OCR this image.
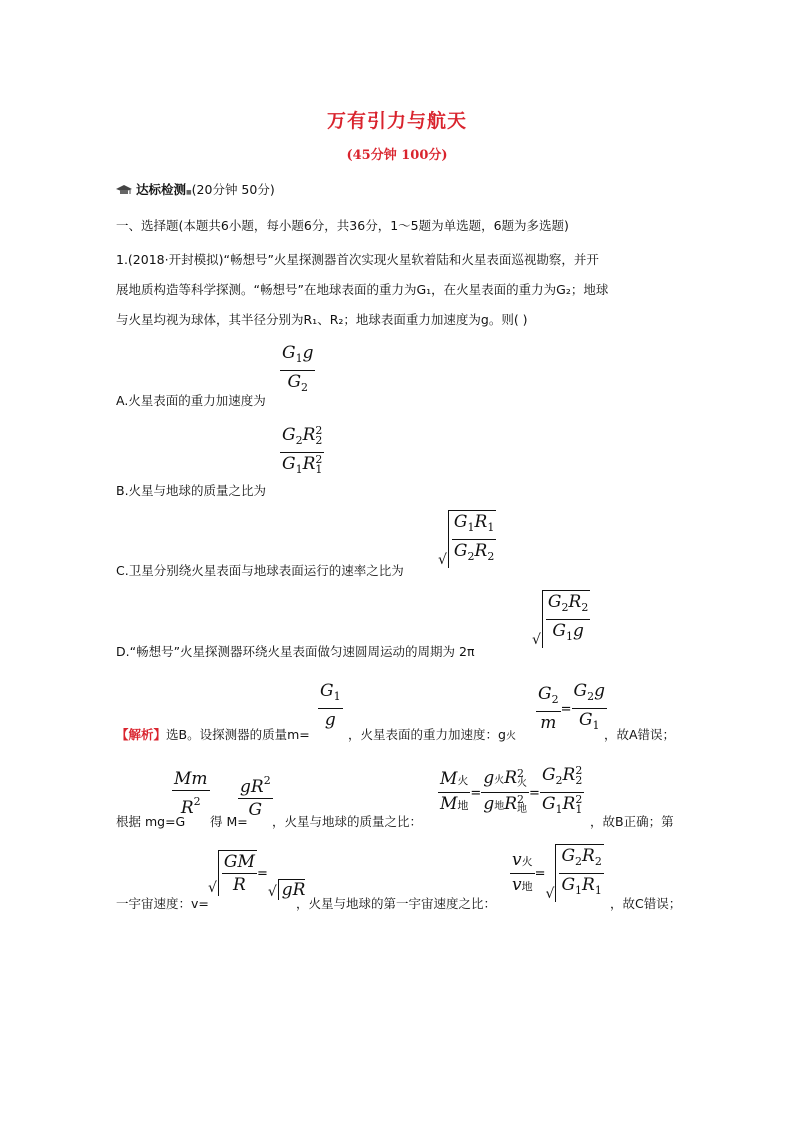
万有引力与航天
(45分钟 100分)
达标检测■(20分钟 50分)
一、选择题(本题共6小题，每小题6分，共36分，1～5题为单选题，6题为多选题)
1.(2018·开封模拟)“畅想号”火星探测器首次实现火星软着陆和火星表面巡视勘察，并开
展地质构造等科学探测。“畅想号”在地球表面的重力为G₁，在火星表面的重力为G₂；地球
与火星均视为球体，其半径分别为R₁、R₂；地球表面重力加速度为g。则( )
A.火星表面的重力加速度为
$\frac{G_1g}{G_2}$
B.火星与地球的质量之比为
$G_2R$ 2
2
$G_1R$ 2
1
C.卫星分别绕火星表面与地球表面运行的速率之比为
√ $\frac{G_1R_1}{G_2R_2}$
D.“畅想号”火星探测器环绕火星表面做匀速圆周运动的周期为 2π
√ $\frac{G_2R_2}{G_1g}$
【解析】选B。设探测器的质量m=
$\frac{G_1}{g}$
，火星表面的重力加速度：g火
$\frac{G_2}{m} = \frac{G_2g}{G_1}$
，故A错误；
根据 mg=G
$\frac{Mm}{R^2}$
得 M=
$\frac{gR^2}{G}$
，火星与地球的质量之比：
$\frac{\text{M火}}{\text{M地}} = g$火R 2
火
g地R 2
地 = $G_2R$ 2
2
$G_1R$ 2
1
，故B正确；第
一宇宙速度：v=
√ $\frac{GM}{R}$ =
√ gR
，火星与地球的第一宇宙速度之比：
$\frac{\text{v火}}{\text{v地}}$ =
√ $\frac{G_2R_2}{G_1R_1}$
，故C错误；
